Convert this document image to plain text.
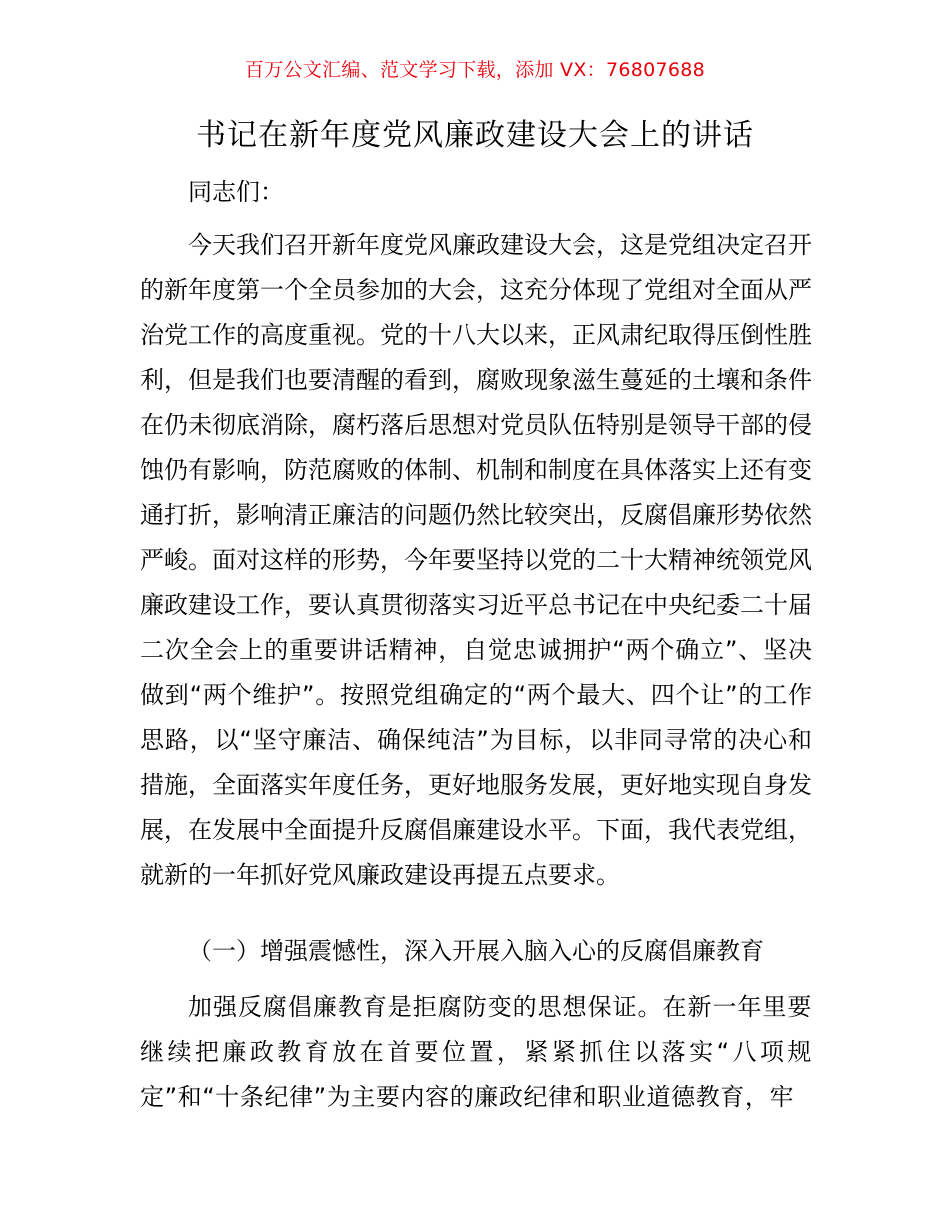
百万公文汇编、范文学习下载，添加 VX：76807688
书记在新年度党风廉政建设大会上的讲话
同志们：
今天我们召开新年度党风廉政建设大会，这是党组决定召开的新年度第一个全员参加的大会，这充分体现了党组对全面从严治党工作的高度重视。党的十八大以来，正风肃纪取得压倒性胜利，但是我们也要清醒的看到，腐败现象滋生蔓延的土壤和条件在仍未彻底消除，腐朽落后思想对党员队伍特别是领导干部的侵蚀仍有影响，防范腐败的体制、机制和制度在具体落实上还有变通打折，影响清正廉洁的问题仍然比较突出，反腐倡廉形势依然严峻。面对这样的形势，今年要坚持以党的二十大精神统领党风廉政建设工作，要认真贯彻落实习近平总书记在中央纪委二十届二次全会上的重要讲话精神，自觉忠诚拥护“两个确立”、坚决做到“两个维护”。按照党组确定的“两个最大、四个让”的工作思路，以“坚守廉洁、确保纯洁”为目标，以非同寻常的决心和措施，全面落实年度任务，更好地服务发展，更好地实现自身发展，在发展中全面提升反腐倡廉建设水平。下面，我代表党组，就新的一年抓好党风廉政建设再提五点要求。
（一）增强震憾性，深入开展入脑入心的反腐倡廉教育
加强反腐倡廉教育是拒腐防变的思想保证。在新一年里要继续把廉政教育放在首要位置，紧紧抓住以落实“八项规定”和“十条纪律”为主要内容的廉政纪律和职业道德教育，牢
